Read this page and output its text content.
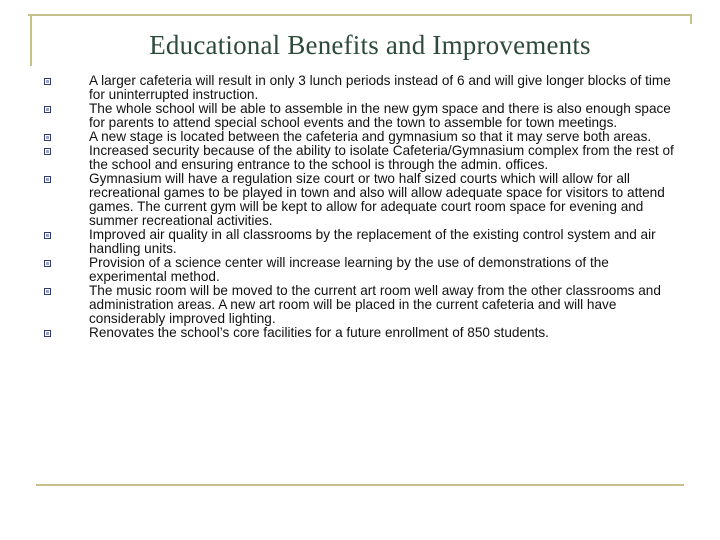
Educational Benefits and Improvements
A larger cafeteria will result in only 3 lunch periods instead of 6 and will give longer blocks of time for uninterrupted instruction.
The whole school will be able to assemble in the new gym space and there is also enough space for parents to attend special school events and the town to assemble for town meetings.
A new stage is located between the cafeteria and gymnasium so that it may serve both areas.
Increased security because of the ability to isolate Cafeteria/Gymnasium complex from the rest of the school and ensuring entrance to the school is through the admin. offices.
Gymnasium will have a regulation size court or two half sized courts which will allow for all recreational games to be played in town and also will allow adequate space for visitors to attend games. The current gym will be kept to allow for adequate court room space for evening and summer recreational activities.
Improved air quality in all classrooms by the replacement of the existing control system and air handling units.
Provision of a science center will increase learning by the use of demonstrations of the experimental method.
The music room will be moved to the current art room well away from the other classrooms and administration areas. A new art room will be placed in the current cafeteria and will have considerably improved lighting.
Renovates the school’s core facilities for a future enrollment of 850 students.
